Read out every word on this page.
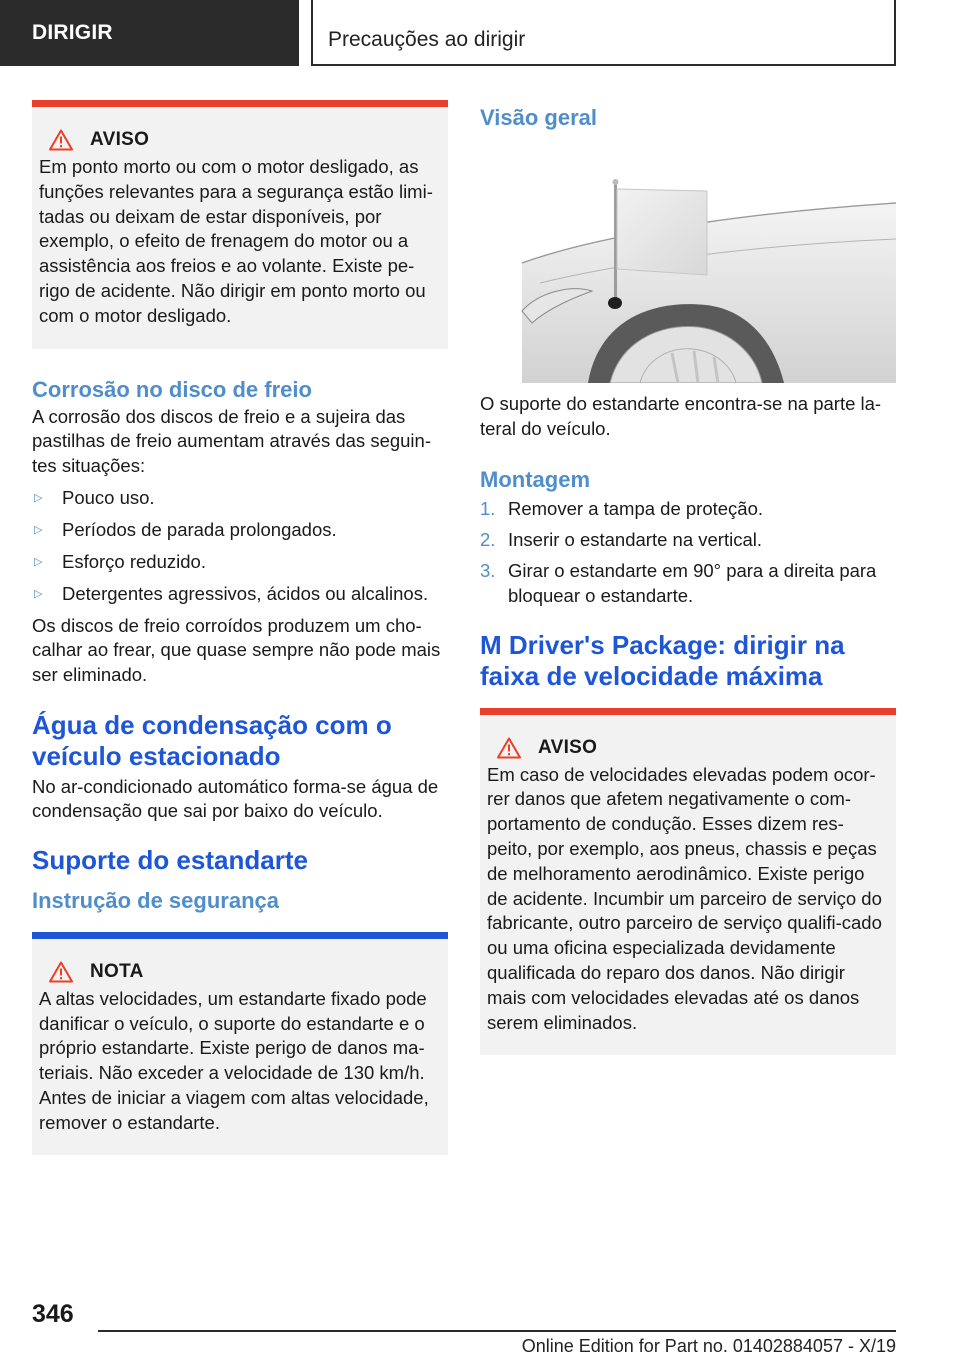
DIRIGIR	Precauções ao dirigir
AVISO

Em ponto morto ou com o motor desligado, as funções relevantes para a segurança estão limi-tadas ou deixam de estar disponíveis, por exemplo, o efeito de frenagem do motor ou a assistência aos freios e ao volante. Existe pe-rigo de acidente. Não dirigir em ponto morto ou com o motor desligado.

Corrosão no disco de freio

A corrosão dos discos de freio e a sujeira das pastilhas de freio aumentam através das seguin-tes situações:

▷	Pouco uso.
▷	Períodos de parada prolongados.
▷	Esforço reduzido.
▷	Detergentes agressivos, ácidos ou alcalinos.

Os discos de freio corroídos produzem um cho-calhar ao frear, que quase sempre não pode mais ser eliminado.

Água de condensação com o veículo estacionado

No ar-condicionado automático forma-se água de condensação que sai por baixo do veículo.

Suporte do estandarte
Instrução de segurança
NOTA

A altas velocidades, um estandarte fixado pode danificar o veículo, o suporte do estandarte e o próprio estandarte. Existe perigo de danos ma-teriais. Não exceder a velocidade de 130 km/h. Antes de iniciar a viagem com altas velocidade, remover o estandarte.

Visão geral

O suporte do estandarte encontra-se na parte la-teral do veículo.

Montagem
1. Remover a tampa de proteção.
2. Inserir o estandarte na vertical.
3. Girar o estandarte em 90° para a direita para bloquear o estandarte.
M Driver's Package: dirigir na faixa de velocidade máxima
AVISO

Em caso de velocidades elevadas podem ocor-rer danos que afetem negativamente o com-portamento de condução. Esses dizem res-peito, por exemplo, aos pneus, chassis e peças de melhoramento aerodinâmico. Existe perigo de acidente. Incumbir um parceiro de serviço do fabricante, outro parceiro de serviço qualifi-cado ou uma oficina especializada devidamente qualificada do reparo dos danos. Não dirigir mais com velocidades elevadas até os danos serem eliminados.

346
Online Edition for Part no. 01402884057 - X/19
